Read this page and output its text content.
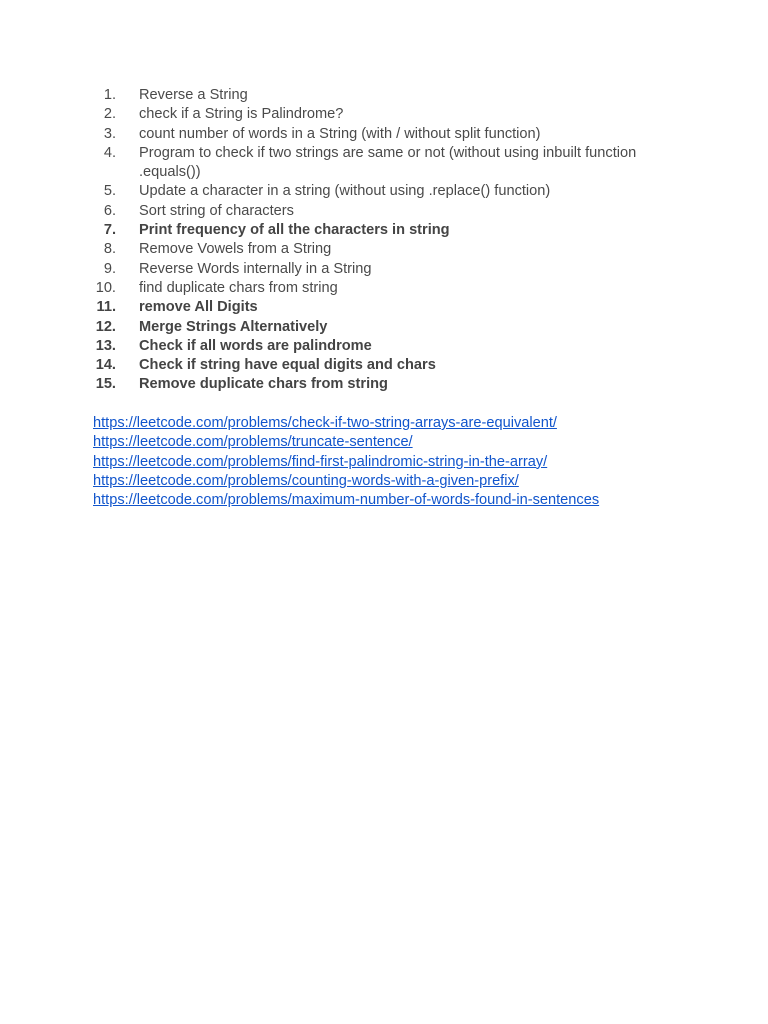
1. Reverse a String
2. check if a String is Palindrome?
3. count number of words in a String (with / without split function)
4. Program to check if two strings are same or not (without using inbuilt function .equals())
5. Update a character in a string (without using .replace() function)
6. Sort string of characters
7. Print frequency of all the characters in string
8. Remove Vowels from a String
9. Reverse Words internally in a String
10. find duplicate chars from string
11. remove All Digits
12. Merge Strings Alternatively
13. Check if all words are palindrome
14. Check if string have equal digits and chars
15. Remove duplicate chars from string
https://leetcode.com/problems/check-if-two-string-arrays-are-equivalent/
https://leetcode.com/problems/truncate-sentence/
https://leetcode.com/problems/find-first-palindromic-string-in-the-array/
https://leetcode.com/problems/counting-words-with-a-given-prefix/
https://leetcode.com/problems/maximum-number-of-words-found-in-sentences
